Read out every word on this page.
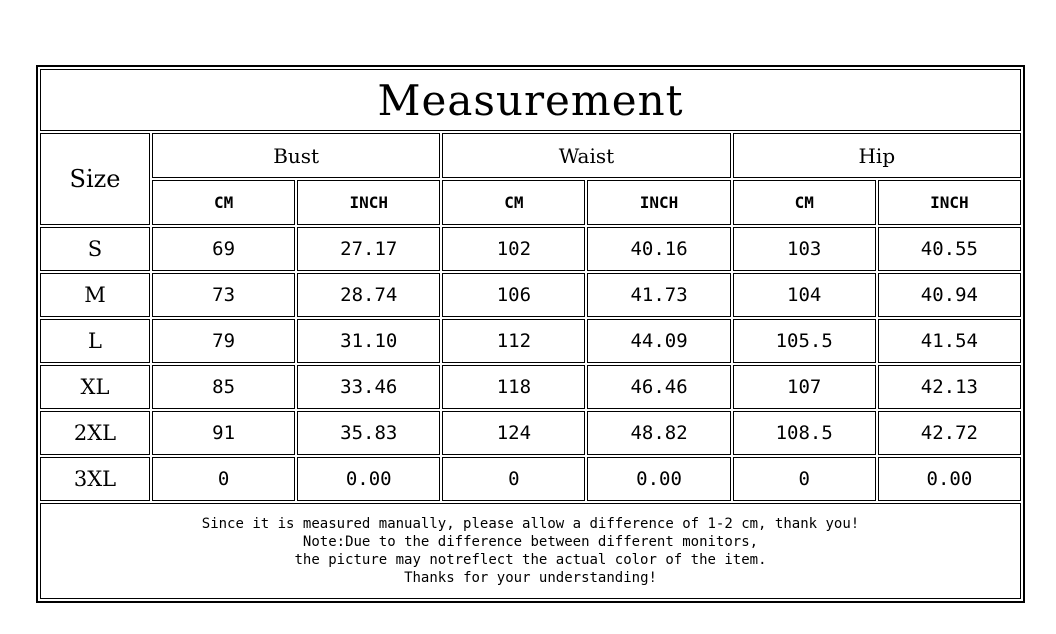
Measurement						
Size	Bust		Waist		Hip	
	CM	INCH	CM	INCH	CM	INCH
S	69	27.17	102	40.16	103	40.55
M	73	28.74	106	41.73	104	40.94
L	79	31.10	112	44.09	105.5	41.54
XL	85	33.46	118	46.46	107	42.13
2XL	91	35.83	124	48.82	108.5	42.72
3XL	0	0.00	0	0.00	0	0.00

Since it is measured manually, please allow a difference of 1-2 cm, thank you!
Note:Due to the difference between different monitors,
the picture may notreflect the actual color of the item.
Thanks for your understanding!						
